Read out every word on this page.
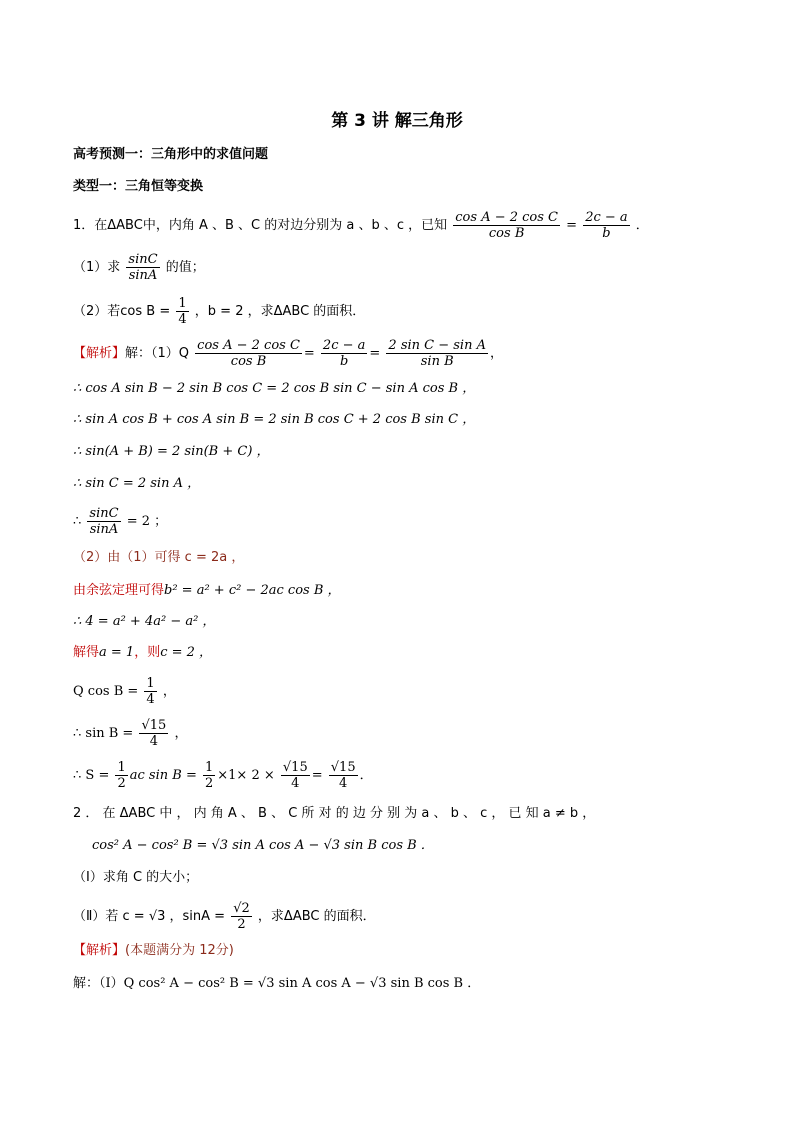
第 3 讲 解三角形
高考预测一：三角形中的求值问题
类型一：三角恒等变换
1．在ΔABC中，内角 A 、B 、C 的对边分别为 a 、b 、c ，已知 $\frac{\text{cos A − 2 cos C}}{\text{cos B}} = \frac{2c - a}{b}$ ．
（1）求 $\frac{\sin C}{\sin A}$ 的值；
（2）若$\cos B = \frac{1}{4}$ ，b = 2 ，求ΔABC 的面积．
【解析】解：$(1)Q \frac{\text{cos A − 2 cos C}}{\text{cos B}} = \frac{2c - a}{b} = \frac{\text{2 sin C − sin A}}{\text{sin B}}$ ，
∴ cos A sin B − 2 sin B cos C = 2 cos B sin C − sin A cos B ，
∴ sin A cos B + cos A sin B = 2 sin B cos C + 2 cos B sin C ，
∴ sin(A + B) = 2 sin(B + C) ，
∴ sin C = 2 sin A ，
∴ $\frac{\sin C}{\sin A} = 2$ ；
（2）由（1）可得 c = 2a ，
由余弦定理可得b² = a² + c² − 2ac cos B ，
∴ 4 = a² + 4a² − a² ，
解得a = 1，则c = 2 ，
Q $\cos B = \frac{1}{4}$ ，
∴ $\sin B = \frac{√15}{4}$ ，
∴ $S = \frac{1}{2}$ ac $\sin B = \frac{1}{2} \times 1\times 2 \times \frac{√15}{4} = \frac{√15}{4}$ ．
2 ． 在 ΔABC 中 ， 内 角 A 、 B 、 C 所 对 的 边 分 别 为 a 、 b 、 c ， 已 知 a ≠ b ，
cos² A − cos² B = √3 sin A cos A − √3 sin B cos B ．
（Ⅰ）求角 C 的大小；
（Ⅱ）若 c = √3 ，$\sin A = \frac{√2}{2}$ ，求ΔABC 的面积．
【解析】(本题满分为 12分)
解：（Ⅰ）Q cos² A − cos² B = √3 sin A cos A − √3 sin B cos B ．
